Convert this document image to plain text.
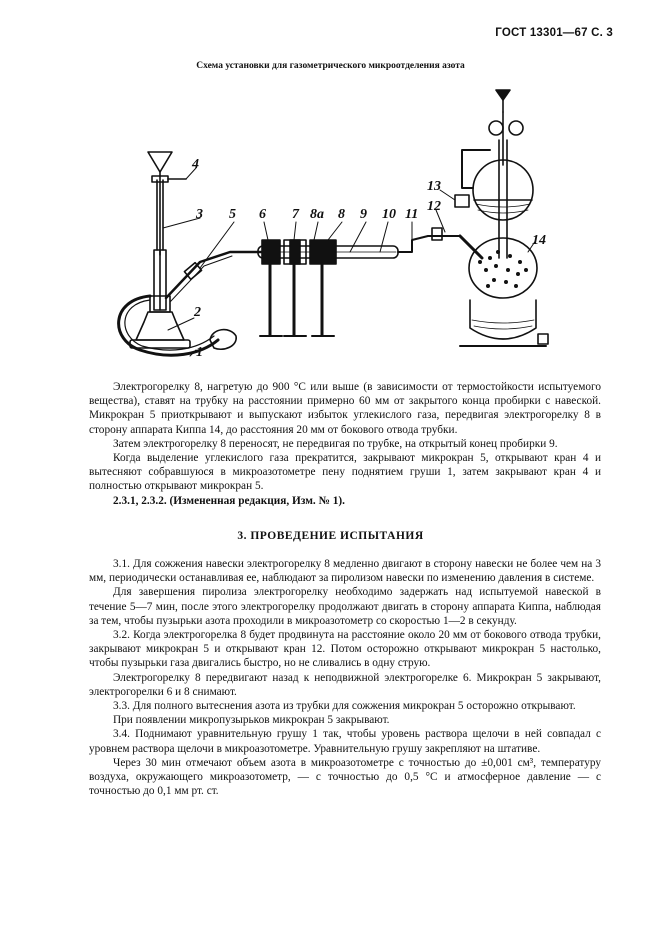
ГОСТ 13301—67 С. 3
Схема установки для газометрического микроотделения азота
4
3 5 6 7 8а 8 9 10 11
2
1
13
12
14

Электрогорелку 8, нагретую до 900 °С или выше (в зависимости от термостойкости испытуемого вещества), ставят на трубку на расстоянии примерно 60 мм от закрытого конца пробирки с навеской. Микрокран 5 приоткрывают и выпускают избыток углекислого газа, передвигая электрогорелку 8 в сторону аппарата Киппа 14, до расстояния 20 мм от бокового отвода трубки.

Затем электрогорелку 8 переносят, не передвигая по трубке, на открытый конец пробирки 9.

Когда выделение углекислого газа прекратится, закрывают микрокран 5, открывают кран 4 и вытесняют собравшуюся в микроазотометре пену поднятием груши 1, затем закрывают кран 4 и полностью открывают микрокран 5.

2.3.1, 2.3.2. (Измененная редакция, Изм. № 1).

3. ПРОВЕДЕНИЕ ИСПЫТАНИЯ

3.1. Для сожжения навески электрогорелку 8 медленно двигают в сторону навески не более чем на 3 мм, периодически останавливая ее, наблюдают за пиролизом навески по изменению давления в системе.

Для завершения пиролиза электрогорелку необходимо задержать над испытуемой навеской в течение 5—7 мин, после этого электрогорелку продолжают двигать в сторону аппарата Киппа, наблюдая за тем, чтобы пузырьки азота проходили в микроазотометр со скоростью 1—2 в секунду.

3.2. Когда электрогорелка 8 будет продвинута на расстояние около 20 мм от бокового отвода трубки, закрывают микрокран 5 и открывают кран 12. Потом осторожно открывают микрокран 5 настолько, чтобы пузырьки газа двигались быстро, но не сливались в одну струю.

Электрогорелку 8 передвигают назад к неподвижной электрогорелке 6. Микрокран 5 закрывают, электрогорелки 6 и 8 снимают.

3.3. Для полного вытеснения азота из трубки для сожжения микрокран 5 осторожно открывают.

При появлении микропузырьков микрокран 5 закрывают.

3.4. Поднимают уравнительную грушу 1 так, чтобы уровень раствора щелочи в ней совпадал с уровнем раствора щелочи в микроазотометре. Уравнительную грушу закрепляют на штативе.

Через 30 мин отмечают объем азота в микроазотометре с точностью до ±0,001 см³, температуру воздуха, окружающего микроазотометр, — с точностью до 0,5 °С и атмосферное давление — с точностью до 0,1 мм рт. ст.
